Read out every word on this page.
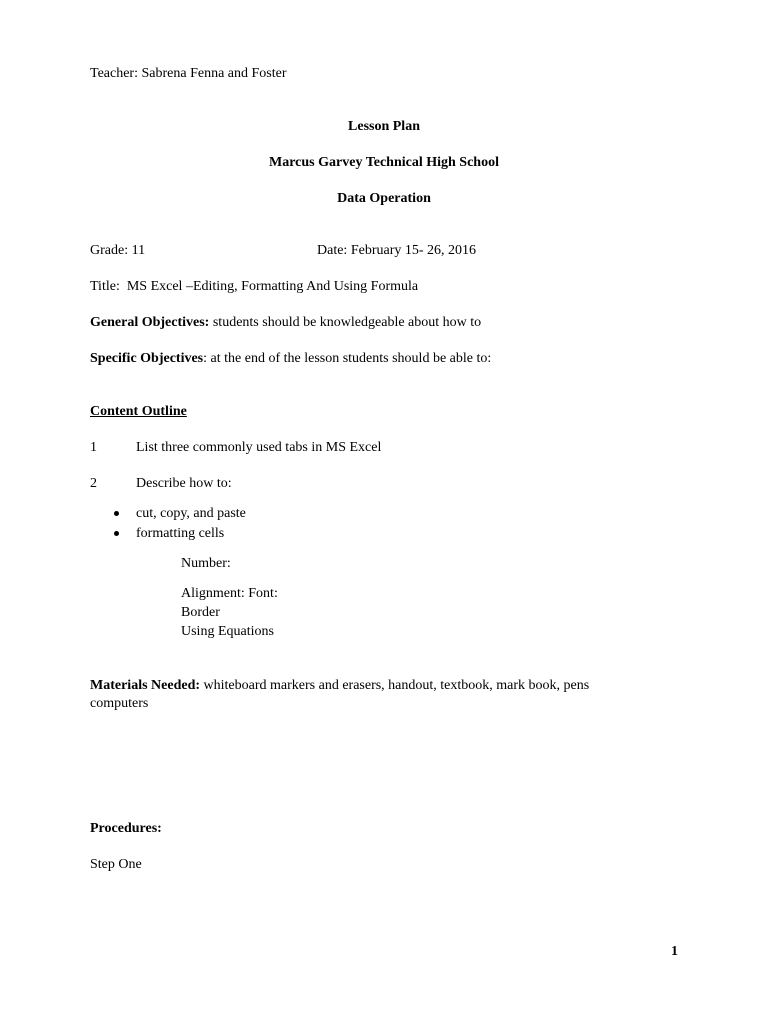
Teacher: Sabrena Fenna and Foster
Lesson Plan
Marcus Garvey Technical High School
Data Operation
Grade: 11	Date: February 15- 26, 2016
Title: MS Excel –Editing, Formatting And Using Formula
General Objectives: students should be knowledgeable about how to
Specific Objectives: at the end of the lesson students should be able to:
Content Outline
1	List three commonly used tabs in MS Excel
2	Describe how to:
cut, copy, and paste
formatting cells
Number:
Alignment: Font:
Border
Using Equations
Materials Needed: whiteboard markers and erasers, handout, textbook, mark book, pens
computers
Procedures:
Step One
1
